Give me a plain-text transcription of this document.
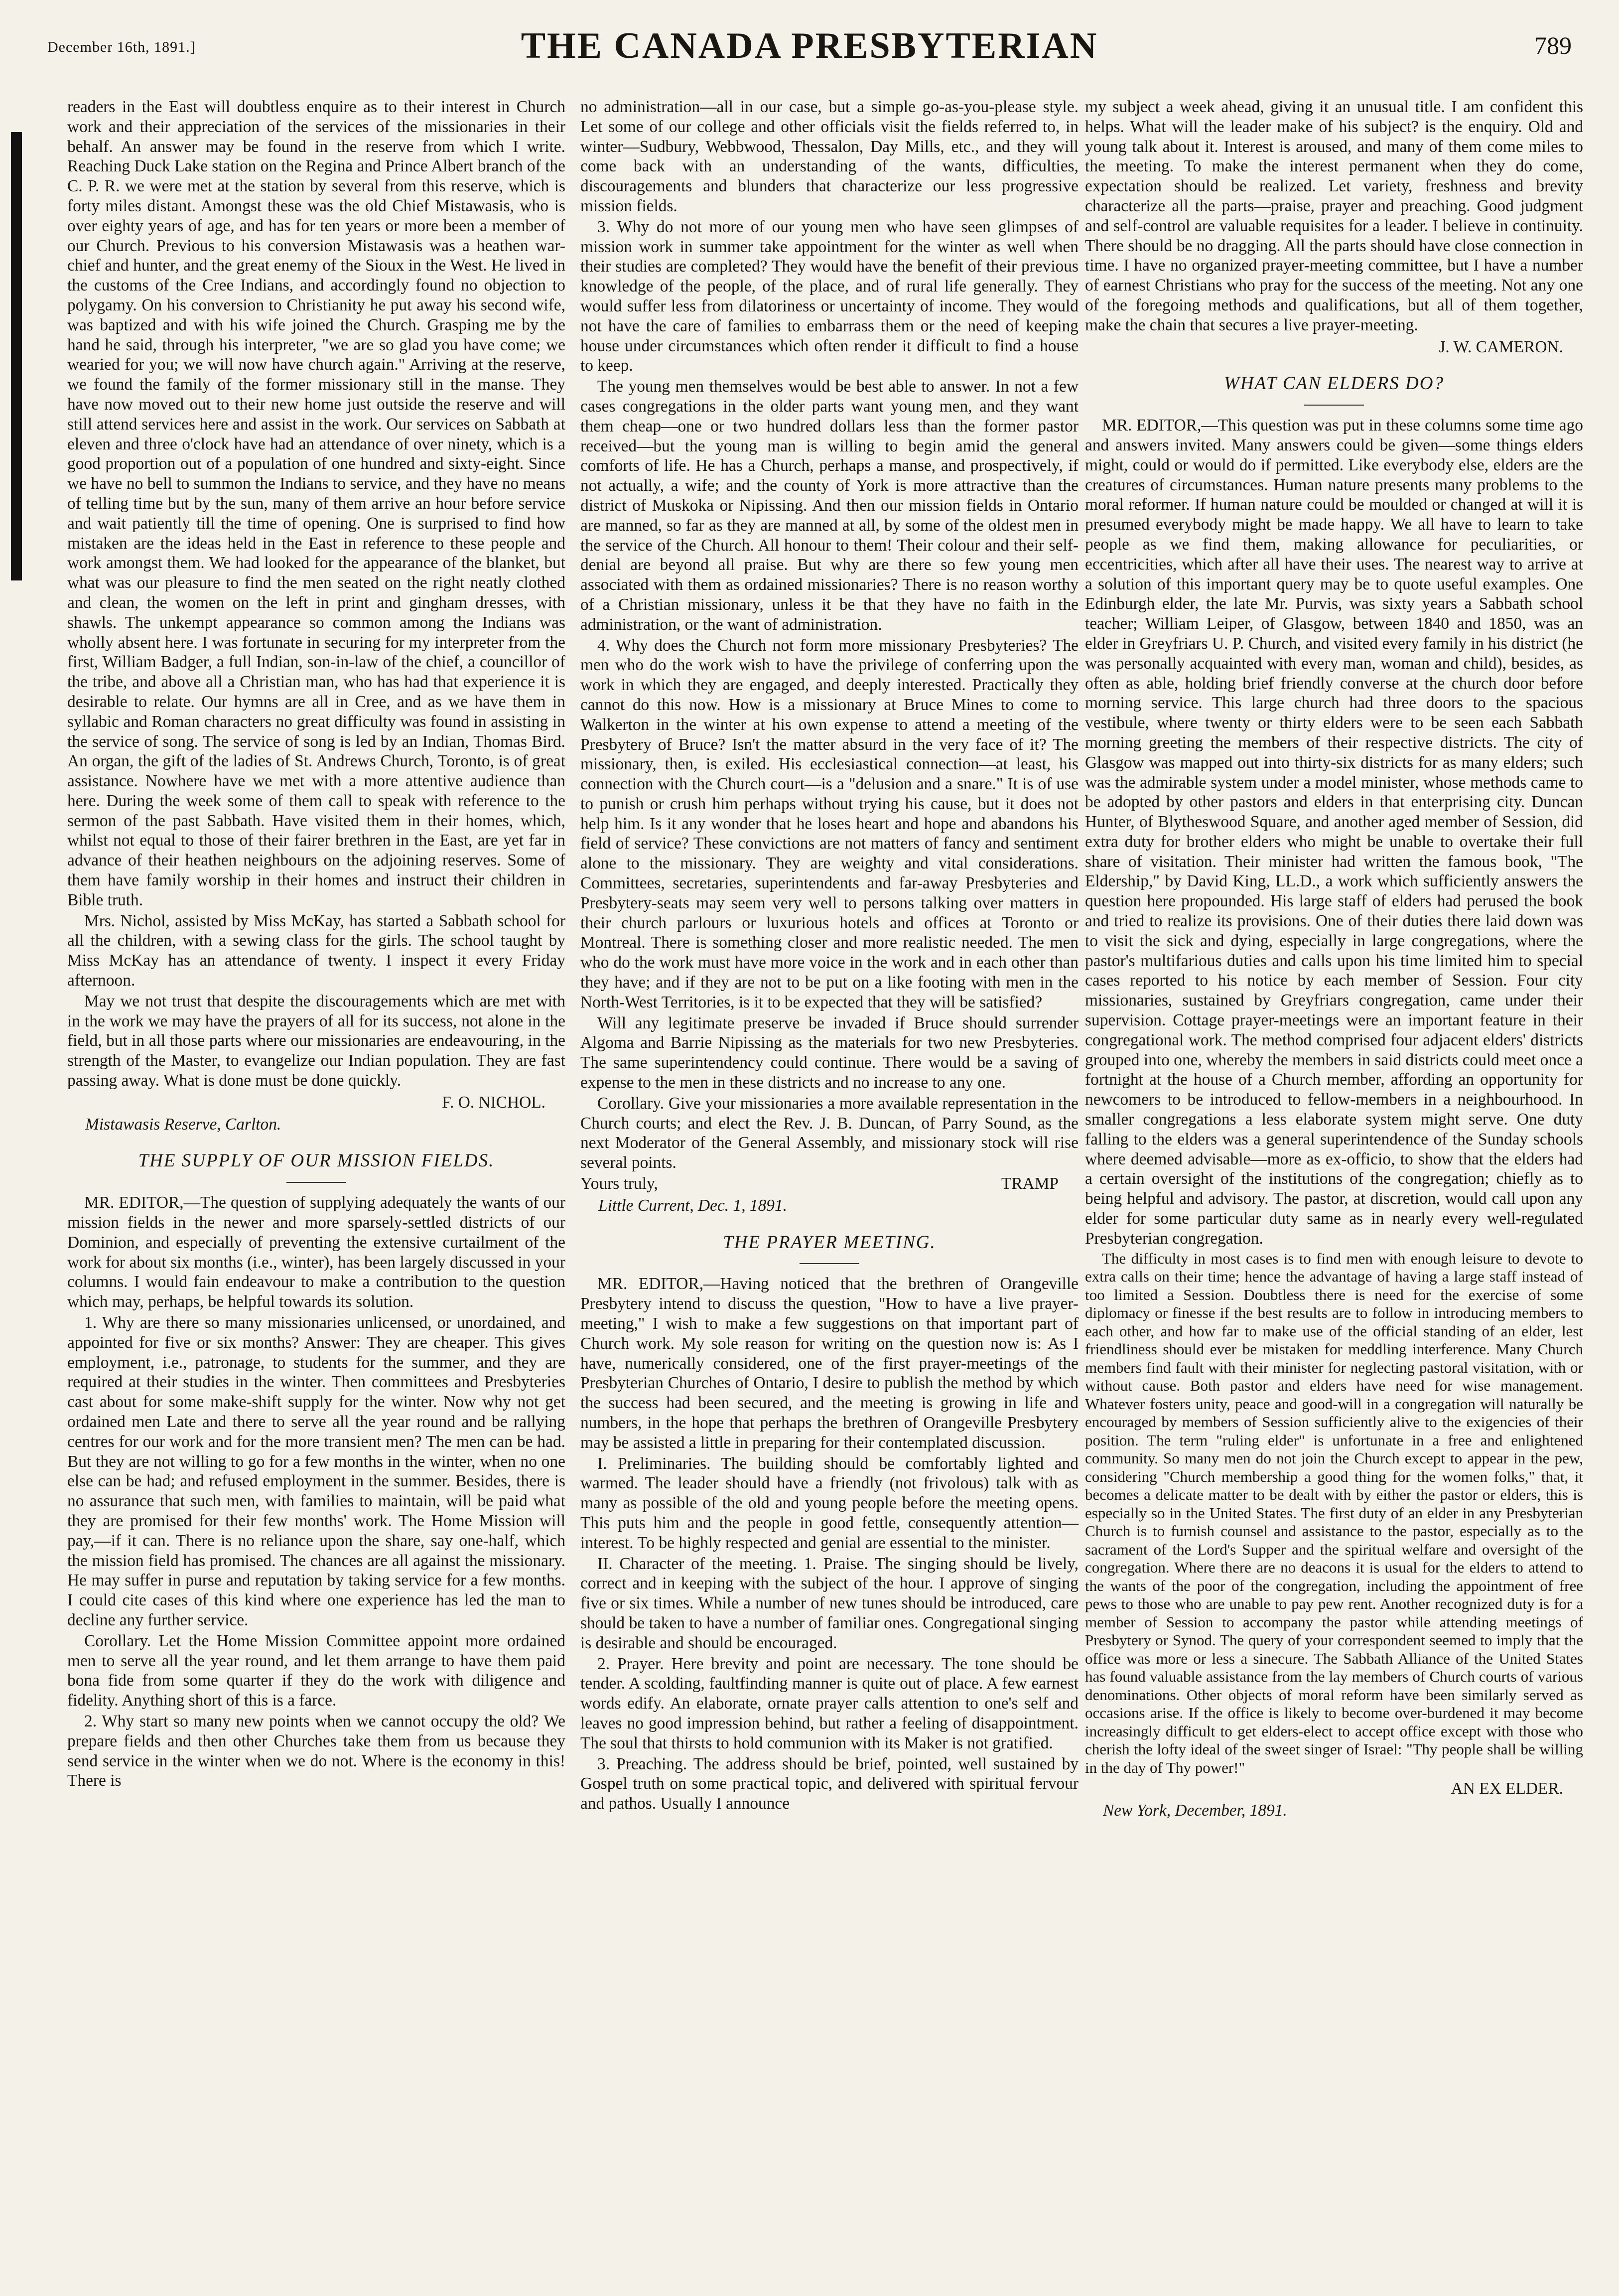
December 16th, 1891.]	THE CANADA PRESBYTERIAN	789

readers in the East will doubtless enquire as to their interest in Church work and their appreciation of the services of the missionaries in their behalf. An answer may be found in the reserve from which I write. Reaching Duck Lake station on the Regina and Prince Albert branch of the C. P. R. we were met at the station by several from this reserve, which is forty miles distant. Amongst these was the old Chief Mistawasis, who is over eighty years of age, and has for ten years or more been a member of our Church. Previous to his conversion Mistawasis was a heathen war-chief and hunter, and the great enemy of the Sioux in the West. He lived in the customs of the Cree Indians, and accordingly found no objection to polygamy. On his conversion to Christianity he put away his second wife, was baptized and with his wife joined the Church. Grasping me by the hand he said, through his interpreter, "we are so glad you have come; we wearied for you; we will now have church again." Arriving at the reserve, we found the family of the former missionary still in the manse. They have now moved out to their new home just outside the reserve and will still attend services here and assist in the work. Our services on Sabbath at eleven and three o'clock have had an attendance of over ninety, which is a good proportion out of a population of one hundred and sixty-eight. Since we have no bell to summon the Indians to service, and they have no means of telling time but by the sun, many of them arrive an hour before service and wait patiently till the time of opening. One is surprised to find how mistaken are the ideas held in the East in reference to these people and work amongst them. We had looked for the appearance of the blanket, but what was our pleasure to find the men seated on the right neatly clothed and clean, the women on the left in print and gingham dresses, with shawls. The unkempt appearance so common among the Indians was wholly absent here. I was fortunate in securing for my interpreter from the first, William Badger, a full Indian, son-in-law of the chief, a councillor of the tribe, and above all a Christian man, who has had that experience it is desirable to relate. Our hymns are all in Cree, and as we have them in syllabic and Roman characters no great difficulty was found in assisting in the service of song. The service of song is led by an Indian, Thomas Bird. An organ, the gift of the ladies of St. Andrews Church, Toronto, is of great assistance. Nowhere have we met with a more attentive audience than here. During the week some of them call to speak with reference to the sermon of the past Sabbath. Have visited them in their homes, which, whilst not equal to those of their fairer brethren in the East, are yet far in advance of their heathen neighbours on the adjoining reserves. Some of them have family worship in their homes and instruct their children in Bible truth.

Mrs. Nichol, assisted by Miss McKay, has started a Sabbath school for all the children, with a sewing class for the girls. The school taught by Miss McKay has an attendance of twenty. I inspect it every Friday afternoon.

May we not trust that despite the discouragements which are met with in the work we may have the prayers of all for its success, not alone in the field, but in all those parts where our missionaries are endeavouring, in the strength of the Master, to evangelize our Indian population. They are fast passing away. What is done must be done quickly.

F. O. NICHOL.
Mistawasis Reserve, Carlton.
THE SUPPLY OF OUR MISSION FIELDS.

MR. EDITOR,—The question of supplying adequately the wants of our mission fields in the newer and more sparsely-settled districts of our Dominion, and especially of preventing the extensive curtailment of the work for about six months (i.e., winter), has been largely discussed in your columns. I would fain endeavour to make a contribution to the question which may, perhaps, be helpful towards its solution.

1. Why are there so many missionaries unlicensed, or unordained, and appointed for five or six months? Answer: They are cheaper. This gives employment, i.e., patronage, to students for the summer, and they are required at their studies in the winter. Then committees and Presbyteries cast about for some make-shift supply for the winter. Now why not get ordained men Late and there to serve all the year round and be rallying centres for our work and for the more transient men? The men can be had. But they are not willing to go for a few months in the winter, when no one else can be had; and refused employment in the summer. Besides, there is no assurance that such men, with families to maintain, will be paid what they are promised for their few months' work. The Home Mission will pay,—if it can. There is no reliance upon the share, say one-half, which the mission field has promised. The chances are all against the missionary. He may suffer in purse and reputation by taking service for a few months. I could cite cases of this kind where one experience has led the man to decline any further service.

Corollary. Let the Home Mission Committee appoint more ordained men to serve all the year round, and let them arrange to have them paid bona fide from some quarter if they do the work with diligence and fidelity. Anything short of this is a farce.

2. Why start so many new points when we cannot occupy the old? We prepare fields and then other Churches take them from us because they send service in the winter when we do not. Where is the economy in this! There is

no administration—all in our case, but a simple go-as-you-please style. Let some of our college and other officials visit the fields referred to, in winter—Sudbury, Webbwood, Thessalon, Day Mills, etc., and they will come back with an understanding of the wants, difficulties, discouragements and blunders that characterize our less progressive mission fields.

3. Why do not more of our young men who have seen glimpses of mission work in summer take appointment for the winter as well when their studies are completed? They would have the benefit of their previous knowledge of the people, of the place, and of rural life generally. They would suffer less from dilatoriness or uncertainty of income. They would not have the care of families to embarrass them or the need of keeping house under circumstances which often render it difficult to find a house to keep.

The young men themselves would be best able to answer. In not a few cases congregations in the older parts want young men, and they want them cheap—one or two hundred dollars less than the former pastor received—but the young man is willing to begin amid the general comforts of life. He has a Church, perhaps a manse, and prospectively, if not actually, a wife; and the county of York is more attractive than the district of Muskoka or Nipissing. And then our mission fields in Ontario are manned, so far as they are manned at all, by some of the oldest men in the service of the Church. All honour to them! Their colour and their self-denial are beyond all praise. But why are there so few young men associated with them as ordained missionaries? There is no reason worthy of a Christian missionary, unless it be that they have no faith in the administration, or the want of administration.

4. Why does the Church not form more missionary Presbyteries? The men who do the work wish to have the privilege of conferring upon the work in which they are engaged, and deeply interested. Practically they cannot do this now. How is a missionary at Bruce Mines to come to Walkerton in the winter at his own expense to attend a meeting of the Presbytery of Bruce? Isn't the matter absurd in the very face of it? The missionary, then, is exiled. His ecclesiastical connection—at least, his connection with the Church court—is a "delusion and a snare." It is of use to punish or crush him perhaps without trying his cause, but it does not help him. Is it any wonder that he loses heart and hope and abandons his field of service? These convictions are not matters of fancy and sentiment alone to the missionary. They are weighty and vital considerations. Committees, secretaries, superintendents and far-away Presbyteries and Presbytery-seats may seem very well to persons talking over matters in their church parlours or luxurious hotels and offices at Toronto or Montreal. There is something closer and more realistic needed. The men who do the work must have more voice in the work and in each other than they have; and if they are not to be put on a like footing with men in the North-West Territories, is it to be expected that they will be satisfied?

Will any legitimate preserve be invaded if Bruce should surrender Algoma and Barrie Nipissing as the materials for two new Presbyteries. The same superintendency could continue. There would be a saving of expense to the men in these districts and no increase to any one.

Corollary. Give your missionaries a more available representation in the Church courts; and elect the Rev. J. B. Duncan, of Parry Sound, as the next Moderator of the General Assembly, and missionary stock will rise several points.

Yours truly,	TRAMP
Little Current, Dec. 1, 1891.
THE PRAYER MEETING.

MR. EDITOR,—Having noticed that the brethren of Orangeville Presbytery intend to discuss the question, "How to have a live prayer-meeting," I wish to make a few suggestions on that important part of Church work. My sole reason for writing on the question now is: As I have, numerically considered, one of the first prayer-meetings of the Presbyterian Churches of Ontario, I desire to publish the method by which the success had been secured, and the meeting is growing in life and numbers, in the hope that perhaps the brethren of Orangeville Presbytery may be assisted a little in preparing for their contemplated discussion.

I. Preliminaries. The building should be comfortably lighted and warmed. The leader should have a friendly (not frivolous) talk with as many as possible of the old and young people before the meeting opens. This puts him and the people in good fettle, consequently attention—interest. To be highly respected and genial are essential to the minister.

II. Character of the meeting. 1. Praise. The singing should be lively, correct and in keeping with the subject of the hour. I approve of singing five or six times. While a number of new tunes should be introduced, care should be taken to have a number of familiar ones. Congregational singing is desirable and should be encouraged.

2. Prayer. Here brevity and point are necessary. The tone should be tender. A scolding, faultfinding manner is quite out of place. A few earnest words edify. An elaborate, ornate prayer calls attention to one's self and leaves no good impression behind, but rather a feeling of disappointment. The soul that thirsts to hold communion with its Maker is not gratified.

3. Preaching. The address should be brief, pointed, well sustained by Gospel truth on some practical topic, and delivered with spiritual fervour and pathos. Usually I announce

my subject a week ahead, giving it an unusual title. I am confident this helps. What will the leader make of his subject? is the enquiry. Old and young talk about it. Interest is aroused, and many of them come miles to the meeting. To make the interest permanent when they do come, expectation should be realized. Let variety, freshness and brevity characterize all the parts—praise, prayer and preaching. Good judgment and self-control are valuable requisites for a leader. I believe in continuity. There should be no dragging. All the parts should have close connection in time. I have no organized prayer-meeting committee, but I have a number of earnest Christians who pray for the success of the meeting. Not any one of the foregoing methods and qualifications, but all of them together, make the chain that secures a live prayer-meeting.

J. W. CAMERON.
WHAT CAN ELDERS DO?

MR. EDITOR,—This question was put in these columns some time ago and answers invited. Many answers could be given—some things elders might, could or would do if permitted. Like everybody else, elders are the creatures of circumstances. Human nature presents many problems to the moral reformer. If human nature could be moulded or changed at will it is presumed everybody might be made happy. We all have to learn to take people as we find them, making allowance for peculiarities, or eccentricities, which after all have their uses. The nearest way to arrive at a solution of this important query may be to quote useful examples. One Edinburgh elder, the late Mr. Purvis, was sixty years a Sabbath school teacher; William Leiper, of Glasgow, between 1840 and 1850, was an elder in Greyfriars U. P. Church, and visited every family in his district (he was personally acquainted with every man, woman and child), besides, as often as able, holding brief friendly converse at the church door before morning service. This large church had three doors to the spacious vestibule, where twenty or thirty elders were to be seen each Sabbath morning greeting the members of their respective districts. The city of Glasgow was mapped out into thirty-six districts for as many elders; such was the admirable system under a model minister, whose methods came to be adopted by other pastors and elders in that enterprising city. Duncan Hunter, of Blytheswood Square, and another aged member of Session, did extra duty for brother elders who might be unable to overtake their full share of visitation. Their minister had written the famous book, "The Eldership," by David King, LL.D., a work which sufficiently answers the question here propounded. His large staff of elders had perused the book and tried to realize its provisions. One of their duties there laid down was to visit the sick and dying, especially in large congregations, where the pastor's multifarious duties and calls upon his time limited him to special cases reported to his notice by each member of Session. Four city missionaries, sustained by Greyfriars congregation, came under their supervision. Cottage prayer-meetings were an important feature in their congregational work. The method comprised four adjacent elders' districts grouped into one, whereby the members in said districts could meet once a fortnight at the house of a Church member, affording an opportunity for newcomers to be introduced to fellow-members in a neighbourhood. In smaller congregations a less elaborate system might serve. One duty falling to the elders was a general superintendence of the Sunday schools where deemed advisable—more as ex-officio, to show that the elders had a certain oversight of the institutions of the congregation; chiefly as to being helpful and advisory. The pastor, at discretion, would call upon any elder for some particular duty same as in nearly every well-regulated Presbyterian congregation.

The difficulty in most cases is to find men with enough leisure to devote to extra calls on their time; hence the advantage of having a large staff instead of too limited a Session. Doubtless there is need for the exercise of some diplomacy or finesse if the best results are to follow in introducing members to each other, and how far to make use of the official standing of an elder, lest friendliness should ever be mistaken for meddling interference. Many Church members find fault with their minister for neglecting pastoral visitation, with or without cause. Both pastor and elders have need for wise management. Whatever fosters unity, peace and good-will in a congregation will naturally be encouraged by members of Session sufficiently alive to the exigencies of their position. The term "ruling elder" is unfortunate in a free and enlightened community. So many men do not join the Church except to appear in the pew, considering "Church membership a good thing for the women folks," that, it becomes a delicate matter to be dealt with by either the pastor or elders, this is especially so in the United States. The first duty of an elder in any Presbyterian Church is to furnish counsel and assistance to the pastor, especially as to the sacrament of the Lord's Supper and the spiritual welfare and oversight of the congregation. Where there are no deacons it is usual for the elders to attend to the wants of the poor of the congregation, including the appointment of free pews to those who are unable to pay pew rent. Another recognized duty is for a member of Session to accompany the pastor while attending meetings of Presbytery or Synod. The query of your correspondent seemed to imply that the office was more or less a sinecure. The Sabbath Alliance of the United States has found valuable assistance from the lay members of Church courts of various denominations. Other objects of moral reform have been similarly served as occasions arise. If the office is likely to become over-burdened it may become increasingly difficult to get elders-elect to accept office except with those who cherish the lofty ideal of the sweet singer of Israel: "Thy people shall be willing in the day of Thy power!"

AN EX ELDER.
New York, December, 1891.
